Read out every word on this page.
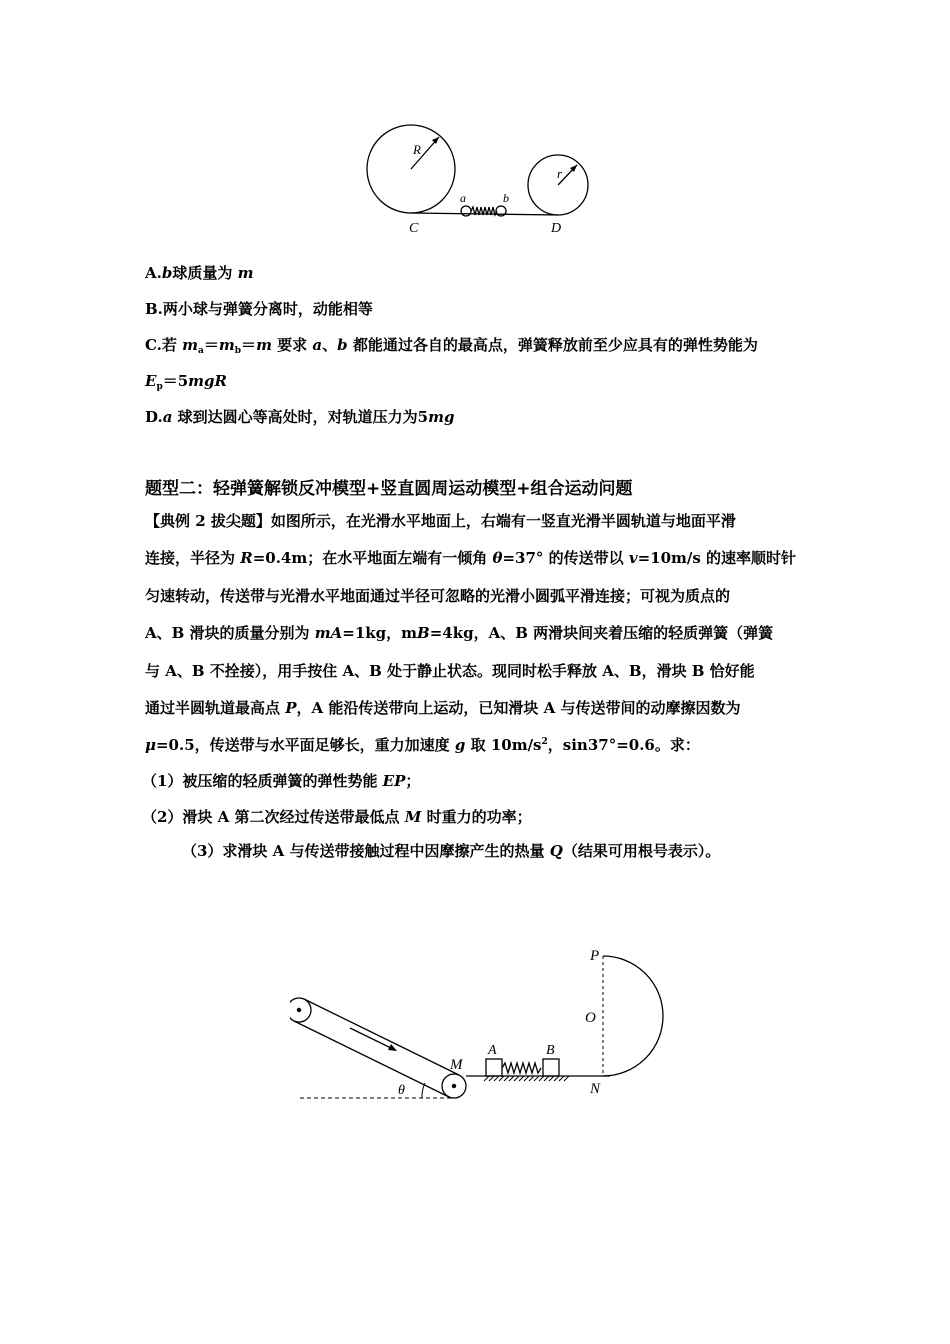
R
r
a	b
C	D
A.b球质量为 m
B.两小球与弹簧分离时，动能相等
C.若 $m_a=m_b=m$ 要求 a、b 都能通过各自的最高点，弹簧释放前至少应具有的弹性势能为
$E_p=5mgR$
D.a 球到达圆心等高处时，对轨道压力为5mg
题型二：轻弹簧解锁反冲模型+竖直圆周运动模型+组合运动问题
【典例 2 拔尖题】如图所示，在光滑水平地面上，右端有一竖直光滑半圆轨道与地面平滑
连接，半径为 R=0.4m；在水平地面左端有一倾角 θ=37° 的传送带以 v=10m/s 的速率顺时针
匀速转动，传送带与光滑水平地面通过半径可忽略的光滑小圆弧平滑连接；可视为质点的
A、B 滑块的质量分别为 mA=1kg，mB=4kg，A、B 两滑块间夹着压缩的轻质弹簧（弹簧
与 A、B 不拴接），用手按住 A、B 处于静止状态。现同时松手释放 A、B，滑块 B 恰好能
通过半圆轨道最高点 P，A 能沿传送带向上运动，已知滑块 A 与传送带间的动摩擦因数为
μ=0.5，传送带与水平面足够长，重力加速度 g 取 $10m/s^2$，sin37°=0.6。求：
（1）被压缩的轻质弹簧的弹性势能 EP；
（2）滑块 A 第二次经过传送带最低点 M 时重力的功率；
（3）求滑块 A 与传送带接触过程中因摩擦产生的热量 Q（结果可用根号表示）。
M
θ
A	B
P
O
N
